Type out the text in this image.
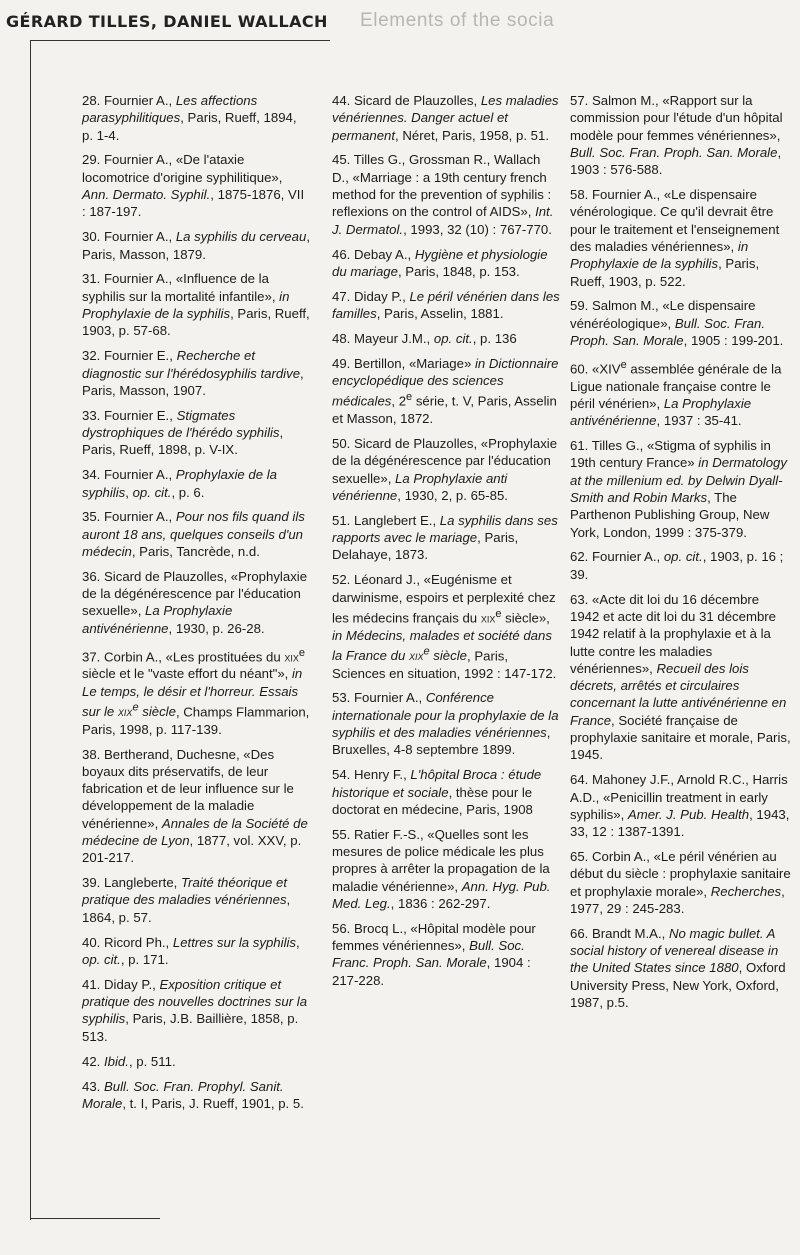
GÉRARD TILLES, DANIEL WALLACH Elements of the socia

28. Fournier A., Les affections parasyphilitiques, Paris, Rueff, 1894, p. 1-4.

29. Fournier A., «De l'ataxie locomotrice d'origine syphilitique», Ann. Dermato. Syphil., 1875-1876, VII : 187-197.

30. Fournier A., La syphilis du cerveau, Paris, Masson, 1879.

31. Fournier A., «Influence de la syphilis sur la mortalité infantile», in Prophylaxie de la syphilis, Paris, Rueff, 1903, p. 57-68.

32. Fournier E., Recherche et diagnostic sur l'hérédosyphilis tardive, Paris, Masson, 1907.

33. Fournier E., Stigmates dystrophiques de l'hérédo syphilis, Paris, Rueff, 1898, p. V-IX.

34. Fournier A., Prophylaxie de la syphilis, op. cit., p. 6.

35. Fournier A., Pour nos fils quand ils auront 18 ans, quelques conseils d'un médecin, Paris, Tancrède, n.d.

36. Sicard de Plauzolles, «Prophylaxie de la dégénérescence par l'éducation sexuelle», La Prophylaxie antivénérienne, 1930, p. 26-28.

37. Corbin A., «Les prostituées du xix$^e$ siècle et le "vaste effort du néant"», in Le temps, le désir et l'horreur. Essais sur le xix$^e$ siècle, Champs Flammarion, Paris, 1998, p. 117-139.

38. Bertherand, Duchesne, «Des boyaux dits préservatifs, de leur fabrication et de leur influence sur le développement de la maladie vénérienne», Annales de la Société de médecine de Lyon, 1877, vol. XXV, p. 201-217.

39. Langleberte, Traité théorique et pratique des maladies vénériennes, 1864, p. 57.

40. Ricord Ph., Lettres sur la syphilis, op. cit., p. 171.

41. Diday P., Exposition critique et pratique des nouvelles doctrines sur la syphilis, Paris, J.B. Baillière, 1858, p. 513.

42. Ibid., p. 511.

43. Bull. Soc. Fran. Prophyl. Sanit. Morale, t. I, Paris, J. Rueff, 1901, p. 5.

44. Sicard de Plauzolles, Les maladies vénériennes. Danger actuel et permanent, Néret, Paris, 1958, p. 51.

45. Tilles G., Grossman R., Wallach D., «Marriage : a 19th century french method for the prevention of syphilis : reflexions on the control of AIDS», Int. J. Dermatol., 1993, 32 (10) : 767-770.

46. Debay A., Hygiène et physiologie du mariage, Paris, 1848, p. 153.

47. Diday P., Le péril vénérien dans les familles, Paris, Asselin, 1881.

48. Mayeur J.M., op. cit., p. 136

49. Bertillon, «Mariage» in Dictionnaire encyclopédique des sciences médicales, 2e série, t. V, Paris, Asselin et Masson, 1872.

50. Sicard de Plauzolles, «Prophylaxie de la dégénérescence par l'éducation sexuelle», La Prophylaxie anti vénérienne, 1930, 2, p. 65-85.

51. Langlebert E., La syphilis dans ses rapports avec le mariage, Paris, Delahaye, 1873.

52. Léonard J., «Eugénisme et darwinisme, espoirs et perplexité chez les médecins français du xix$^e$ siècle», in Médecins, malades et société dans la France du xix$^e$ siècle, Paris, Sciences en situation, 1992 : 147-172.

53. Fournier A., Conférence internationale pour la prophylaxie de la syphilis et des maladies vénériennes, Bruxelles, 4-8 septembre 1899.

54. Henry F., L'hôpital Broca : étude historique et sociale, thèse pour le doctorat en médecine, Paris, 1908

55. Ratier F.-S., «Quelles sont les mesures de police médicale les plus propres à arrêter la propagation de la maladie vénérienne», Ann. Hyg. Pub. Med. Leg., 1836 : 262-297.

56. Brocq L., «Hôpital modèle pour femmes vénériennes», Bull. Soc. Franc. Proph. San. Morale, 1904 : 217-228.

57. Salmon M., «Rapport sur la commission pour l'étude d'un hôpital modèle pour femmes vénériennes», Bull. Soc. Fran. Proph. San. Morale, 1903 : 576-588.

58. Fournier A., «Le dispensaire vénérologique. Ce qu'il devrait être pour le traitement et l'enseignement des maladies vénériennes», in Prophylaxie de la syphilis, Paris, Rueff, 1903, p. 522.

59. Salmon M., «Le dispensaire vénéréologique», Bull. Soc. Fran. Proph. San. Morale, 1905 : 199-201.

60. «XIVe assemblée générale de la Ligue nationale française contre le péril vénérien», La Prophylaxie antivénérienne, 1937 : 35-41.

61. Tilles G., «Stigma of syphilis in 19th century France» in Dermatology at the millenium ed. by Delwin Dyall-Smith and Robin Marks, The Parthenon Publishing Group, New York, London, 1999 : 375-379.

62. Fournier A., op. cit., 1903, p. 16 ; 39.

63. «Acte dit loi du 16 décembre 1942 et acte dit loi du 31 décembre 1942 relatif à la prophylaxie et à la lutte contre les maladies vénériennes», Recueil des lois décrets, arrêtés et circulaires concernant la lutte antivénérienne en France, Société française de prophylaxie sanitaire et morale, Paris, 1945.

64. Mahoney J.F., Arnold R.C., Harris A.D., «Penicillin treatment in early syphilis», Amer. J. Pub. Health, 1943, 33, 12 : 1387-1391.

65. Corbin A., «Le péril vénérien au début du siècle : prophylaxie sanitaire et prophylaxie morale», Recherches, 1977, 29 : 245-283.

66. Brandt M.A., No magic bullet. A social history of venereal disease in the United States since 1880, Oxford University Press, New York, Oxford, 1987, p.5.
